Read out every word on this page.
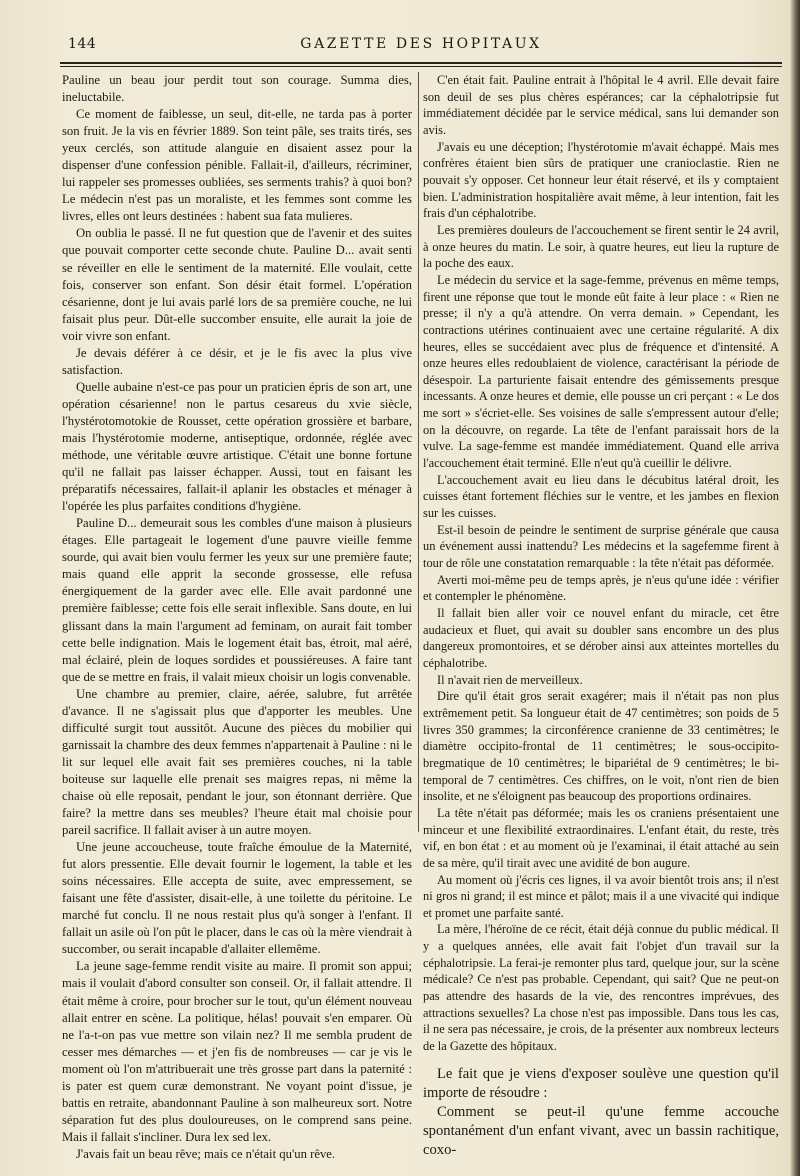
144	GAZETTE DES HOPITAUX

Pauline un beau jour perdit tout son courage. Summa dies, ineluctabile.

Ce moment de faiblesse, un seul, dit-elle, ne tarda pas à porter son fruit. Je la vis en février 1889. Son teint pâle, ses traits tirés, ses yeux cerclés, son attitude alanguie en disaient assez pour la dispenser d'une confession pénible. Fallait-il, d'ailleurs, récriminer, lui rappeler ses promesses oubliées, ses serments trahis? à quoi bon? Le médecin n'est pas un moraliste, et les femmes sont comme les livres, elles ont leurs destinées : habent sua fata mulieres.

On oublia le passé. Il ne fut question que de l'avenir et des suites que pouvait comporter cette seconde chute. Pauline D... avait senti se réveiller en elle le sentiment de la maternité. Elle voulait, cette fois, conserver son enfant. Son désir était formel. L'opération césarienne, dont je lui avais parlé lors de sa première couche, ne lui faisait plus peur. Dût-elle succomber ensuite, elle aurait la joie de voir vivre son enfant.

Je devais déférer à ce désir, et je le fis avec la plus vive satisfaction.

Quelle aubaine n'est-ce pas pour un praticien épris de son art, une opération césarienne! non le partus cesareus du xvie siècle, l'hystérotomotokie de Rousset, cette opération grossière et barbare, mais l'hystérotomie moderne, antiseptique, ordonnée, réglée avec méthode, une véritable œuvre artistique. C'était une bonne fortune qu'il ne fallait pas laisser échapper. Aussi, tout en faisant les préparatifs nécessaires, fallait-il aplanir les obstacles et ménager à l'opérée les plus parfaites conditions d'hygiène.

Pauline D... demeurait sous les combles d'une maison à plusieurs étages. Elle partageait le logement d'une pauvre vieille femme sourde, qui avait bien voulu fermer les yeux sur une première faute; mais quand elle apprit la seconde grossesse, elle refusa énergiquement de la garder avec elle. Elle avait pardonné une première faiblesse; cette fois elle serait inflexible. Sans doute, en lui glissant dans la main l'argument ad feminam, on aurait fait tomber cette belle indignation. Mais le logement était bas, étroit, mal aéré, mal éclairé, plein de loques sordides et poussiéreuses. A faire tant que de se mettre en frais, il valait mieux choisir un logis convenable.

Une chambre au premier, claire, aérée, salubre, fut arrêtée d'avance. Il ne s'agissait plus que d'apporter les meubles. Une difficulté surgit tout aussitôt. Aucune des pièces du mobilier qui garnissait la chambre des deux femmes n'appartenait à Pauline : ni le lit sur lequel elle avait fait ses premières couches, ni la table boiteuse sur laquelle elle prenait ses maigres repas, ni même la chaise où elle reposait, pendant le jour, son étonnant derrière. Que faire? la mettre dans ses meubles? l'heure était mal choisie pour pareil sacrifice. Il fallait aviser à un autre moyen.

Une jeune accoucheuse, toute fraîche émoulue de la Maternité, fut alors pressentie. Elle devait fournir le logement, la table et les soins nécessaires. Elle accepta de suite, avec empressement, se faisant une fête d'assister, disait-elle, à une toilette du péritoine. Le marché fut conclu. Il ne nous restait plus qu'à songer à l'enfant. Il fallait un asile où l'on pût le placer, dans le cas où la mère viendrait à succomber, ou serait incapable d'allaiter ellemême.

La jeune sage-femme rendit visite au maire. Il promit son appui; mais il voulait d'abord consulter son conseil. Or, il fallait attendre. Il était même à croire, pour brocher sur le tout, qu'un élément nouveau allait entrer en scène. La politique, hélas! pouvait s'en emparer. Où ne l'a-t-on pas vue mettre son vilain nez? Il me sembla prudent de cesser mes démarches — et j'en fis de nombreuses — car je vis le moment où l'on m'attribuerait une très grosse part dans la paternité : is pater est quem curæ demonstrant. Ne voyant point d'issue, je battis en retraite, abandonnant Pauline à son malheureux sort. Notre séparation fut des plus douloureuses, on le comprend sans peine. Mais il fallait s'incliner. Dura lex sed lex.

J'avais fait un beau rêve; mais ce n'était qu'un rêve.

C'en était fait. Pauline entrait à l'hôpital le 4 avril. Elle devait faire son deuil de ses plus chères espérances; car la céphalotripsie fut immédiatement décidée par le service médical, sans lui demander son avis.

J'avais eu une déception; l'hystérotomie m'avait échappé. Mais mes confrères étaient bien sûrs de pratiquer une cranioclastie. Rien ne pouvait s'y opposer. Cet honneur leur était réservé, et ils y comptaient bien. L'administration hospitalière avait même, à leur intention, fait les frais d'un céphalotribe.

Les premières douleurs de l'accouchement se firent sentir le 24 avril, à onze heures du matin. Le soir, à quatre heures, eut lieu la rupture de la poche des eaux.

Le médecin du service et la sage-femme, prévenus en même temps, firent une réponse que tout le monde eût faite à leur place : « Rien ne presse; il n'y a qu'à attendre. On verra demain. » Cependant, les contractions utérines continuaient avec une certaine régularité. A dix heures, elles se succédaient avec plus de fréquence et d'intensité. A onze heures elles redoublaient de violence, caractérisant la période de désespoir. La parturiente faisait entendre des gémissements presque incessants. A onze heures et demie, elle pousse un cri perçant : « Le dos me sort » s'écriet-elle. Ses voisines de salle s'empressent autour d'elle; on la découvre, on regarde. La tête de l'enfant paraissait hors de la vulve. La sage-femme est mandée immédiatement. Quand elle arriva l'accouchement était terminé. Elle n'eut qu'à cueillir le délivre.

L'accouchement avait eu lieu dans le décubitus latéral droit, les cuisses étant fortement fléchies sur le ventre, et les jambes en flexion sur les cuisses.

Est-il besoin de peindre le sentiment de surprise générale que causa un événement aussi inattendu? Les médecins et la sagefemme firent à tour de rôle une constatation remarquable : la tête n'était pas déformée.

Averti moi-même peu de temps après, je n'eus qu'une idée : vérifier et contempler le phénomène.

Il fallait bien aller voir ce nouvel enfant du miracle, cet être audacieux et fluet, qui avait su doubler sans encombre un des plus dangereux promontoires, et se dérober ainsi aux atteintes mortelles du céphalotribe.

Il n'avait rien de merveilleux.

Dire qu'il était gros serait exagérer; mais il n'était pas non plus extrêmement petit. Sa longueur était de 47 centimètres; son poids de 5 livres 350 grammes; la circonférence cranienne de 33 centimètres; le diamètre occipito-frontal de 11 centimètres; le sous-occipito-bregmatique de 10 centimètres; le bipariétal de 9 centimètres; le bi-temporal de 7 centimètres. Ces chiffres, on le voit, n'ont rien de bien insolite, et ne s'éloignent pas beaucoup des proportions ordinaires.

La tête n'était pas déformée; mais les os craniens présentaient une minceur et une flexibilité extraordinaires. L'enfant était, du reste, très vif, en bon état : et au moment où je l'examinai, il était attaché au sein de sa mère, qu'il tirait avec une avidité de bon augure.

Au moment où j'écris ces lignes, il va avoir bientôt trois ans; il n'est ni gros ni grand; il est mince et pâlot; mais il a une vivacité qui indique et promet une parfaite santé.

La mère, l'héroïne de ce récit, était déjà connue du public médical. Il y a quelques années, elle avait fait l'objet d'un travail sur la céphalotripsie. La ferai-je remonter plus tard, quelque jour, sur la scène médicale? Ce n'est pas probable. Cependant, qui sait? Que ne peut-on pas attendre des hasards de la vie, des rencontres imprévues, des attractions sexuelles? La chose n'est pas impossible. Dans tous les cas, il ne sera pas nécessaire, je crois, de la présenter aux nombreux lecteurs de la Gazette des hôpitaux.

Le fait que je viens d'exposer soulève une question qu'il importe de résoudre :

Comment se peut-il qu'une femme accouche spontanément d'un enfant vivant, avec un bassin rachitique, coxo-
